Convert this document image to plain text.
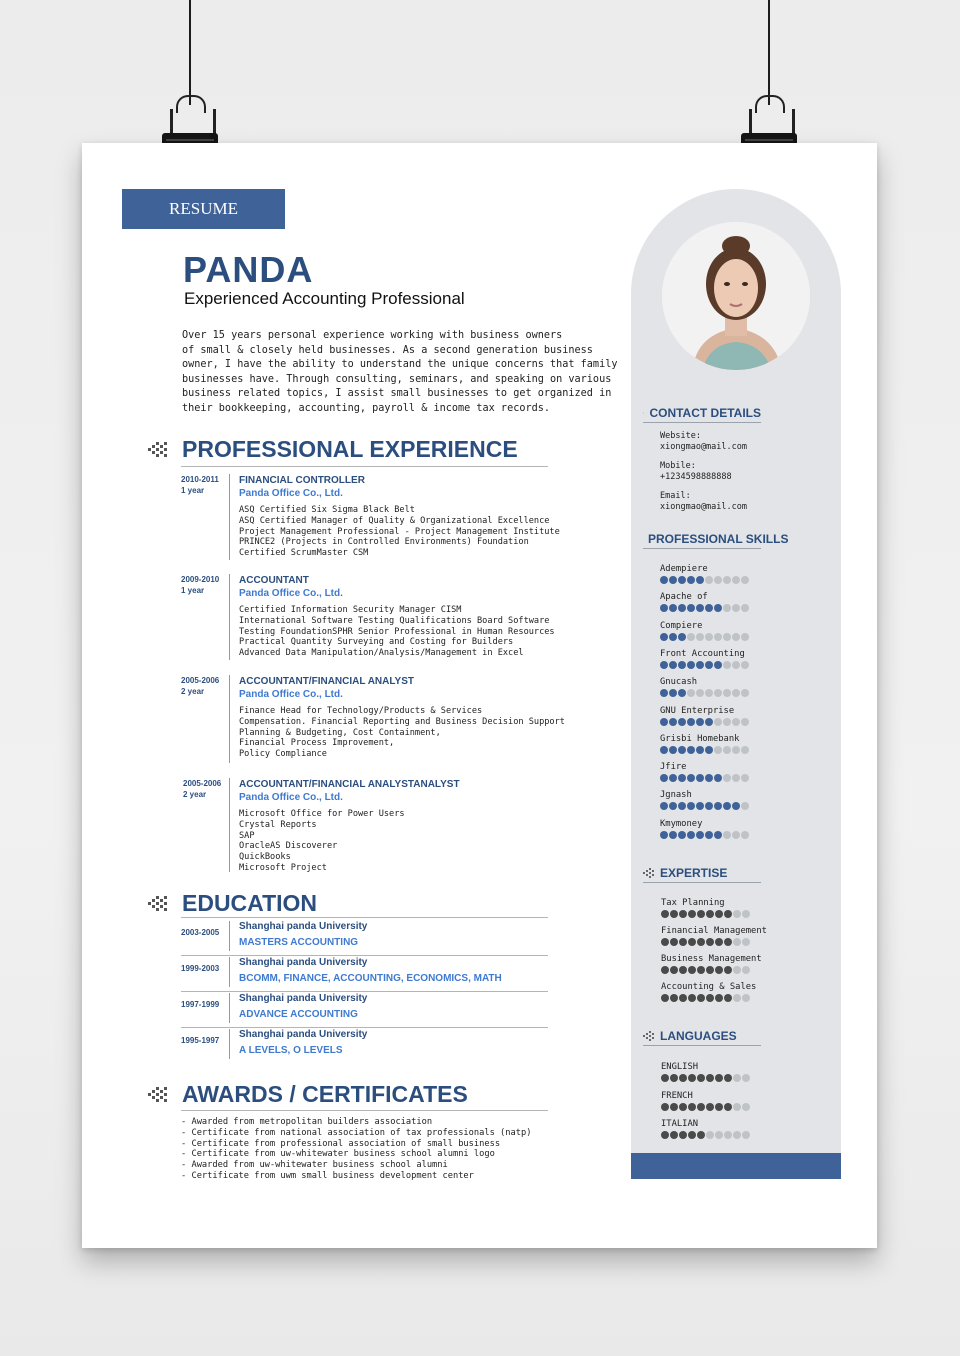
RESUME
PANDA
Experienced Accounting Professional
Over 15 years personal experience working with business owners
of small & closely held businesses. As a second generation business
owner, I have the ability to understand the unique concerns that family
businesses have. Through consulting, seminars, and speaking on various
business related topics, I assist small businesses to get organized in
their bookkeeping, accounting, payroll & income tax records.
PROFESSIONAL EXPERIENCE
2010-2011
1 year
FINANCIAL CONTROLLER
Panda Office Co., Ltd.
ASQ Certified Six Sigma Black Belt
ASQ Certified Manager of Quality & Organizational Excellence
Project Management Professional - Project Management Institute
PRINCE2 (Projects in Controlled Environments) Foundation
Certified ScrumMaster CSM
2009-2010
1 year
ACCOUNTANT
Panda Office Co., Ltd.
Certified Information Security Manager CISM
International Software Testing Qualifications Board Software
Testing FoundationSPHR Senior Professional in Human Resources
Practical Quantity Surveying and Costing for Builders
Advanced Data Manipulation/Analysis/Management in Excel
2005-2006
2 year
ACCOUNTANT/FINANCIAL ANALYST
Panda Office Co., Ltd.
Finance Head for Technology/Products & Services
Compensation. Financial Reporting and Business Decision Support
Planning & Budgeting, Cost Containment,
Financial Process Improvement,
Policy Compliance
2005-2006
2 year
ACCOUNTANT/FINANCIAL ANALYSTANALYST
Panda Office Co., Ltd.
Microsoft Office for Power Users
Crystal Reports
SAP
OracleAS Discoverer
QuickBooks
Microsoft Project
EDUCATION
2003-2005
Shanghai panda University
MASTERS ACCOUNTING
1999-2003
Shanghai panda University
BCOMM, FINANCE, ACCOUNTING, ECONOMICS, MATH
1997-1999
Shanghai panda University
ADVANCE ACCOUNTING
1995-1997
Shanghai panda University
A LEVELS, O LEVELS
AWARDS / CERTIFICATES
- Awarded from metropolitan builders association
- Certificate from national association of tax professionals (natp)
- Certificate from professional association of small business
- Certificate from uw-whitewater business school alumni logo
- Awarded from uw-whitewater business school alumni
- Certificate from uwm small business development center
CONTACT DETAILS
Website:
xiongmao@mail.com
Mobile:
+1234598888888
Email:
xiongmao@mail.com
PROFESSIONAL SKILLS
Adempiere
Apache of
Compiere
Front Accounting
Gnucash
GNU Enterprise
Grisbi Homebank
Jfire
Jgnash
Kmymoney
EXPERTISE
Tax Planning
Financial Management
Business Management
Accounting & Sales
LANGUAGES
ENGLISH
FRENCH
ITALIAN
